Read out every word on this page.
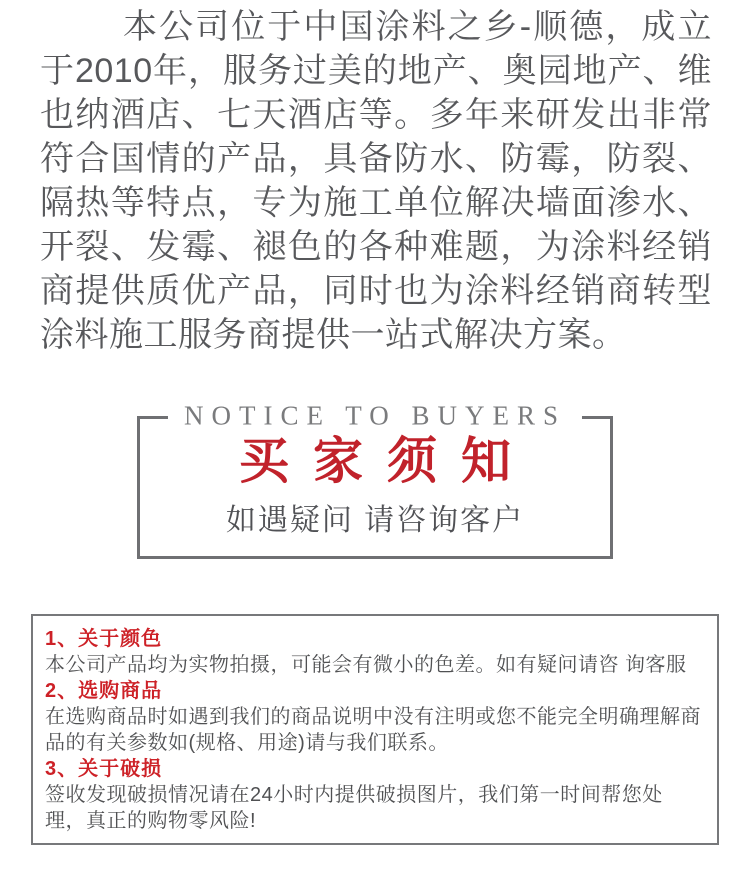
本公司位于中国涂料之乡-顺德，成立于2010年，服务过美的地产、奥园地产、维也纳酒店、七天酒店等。多年来研发出非常符合国情的产品，具备防水、防霉，防裂、隔热等特点，专为施工单位解决墙面渗水、开裂、发霉、褪色的各种难题，为涂料经销商提供质优产品，同时也为涂料经销商转型涂料施工服务商提供一站式解决方案。

NOTICE TO BUYERS
买家须知
如遇疑问 请咨询客户
1、关于颜色
本公司产品均为实物拍摄，可能会有微小的色差。如有疑问请咨 询客服
2、选购商品
在选购商品时如遇到我们的商品说明中没有注明或您不能完全明确理解商品的有关参数如(规格、用途)请与我们联系。
3、关于破损
签收发现破损情况请在24小时内提供破损图片，我们第一时间帮您处理，真正的购物零风险!
